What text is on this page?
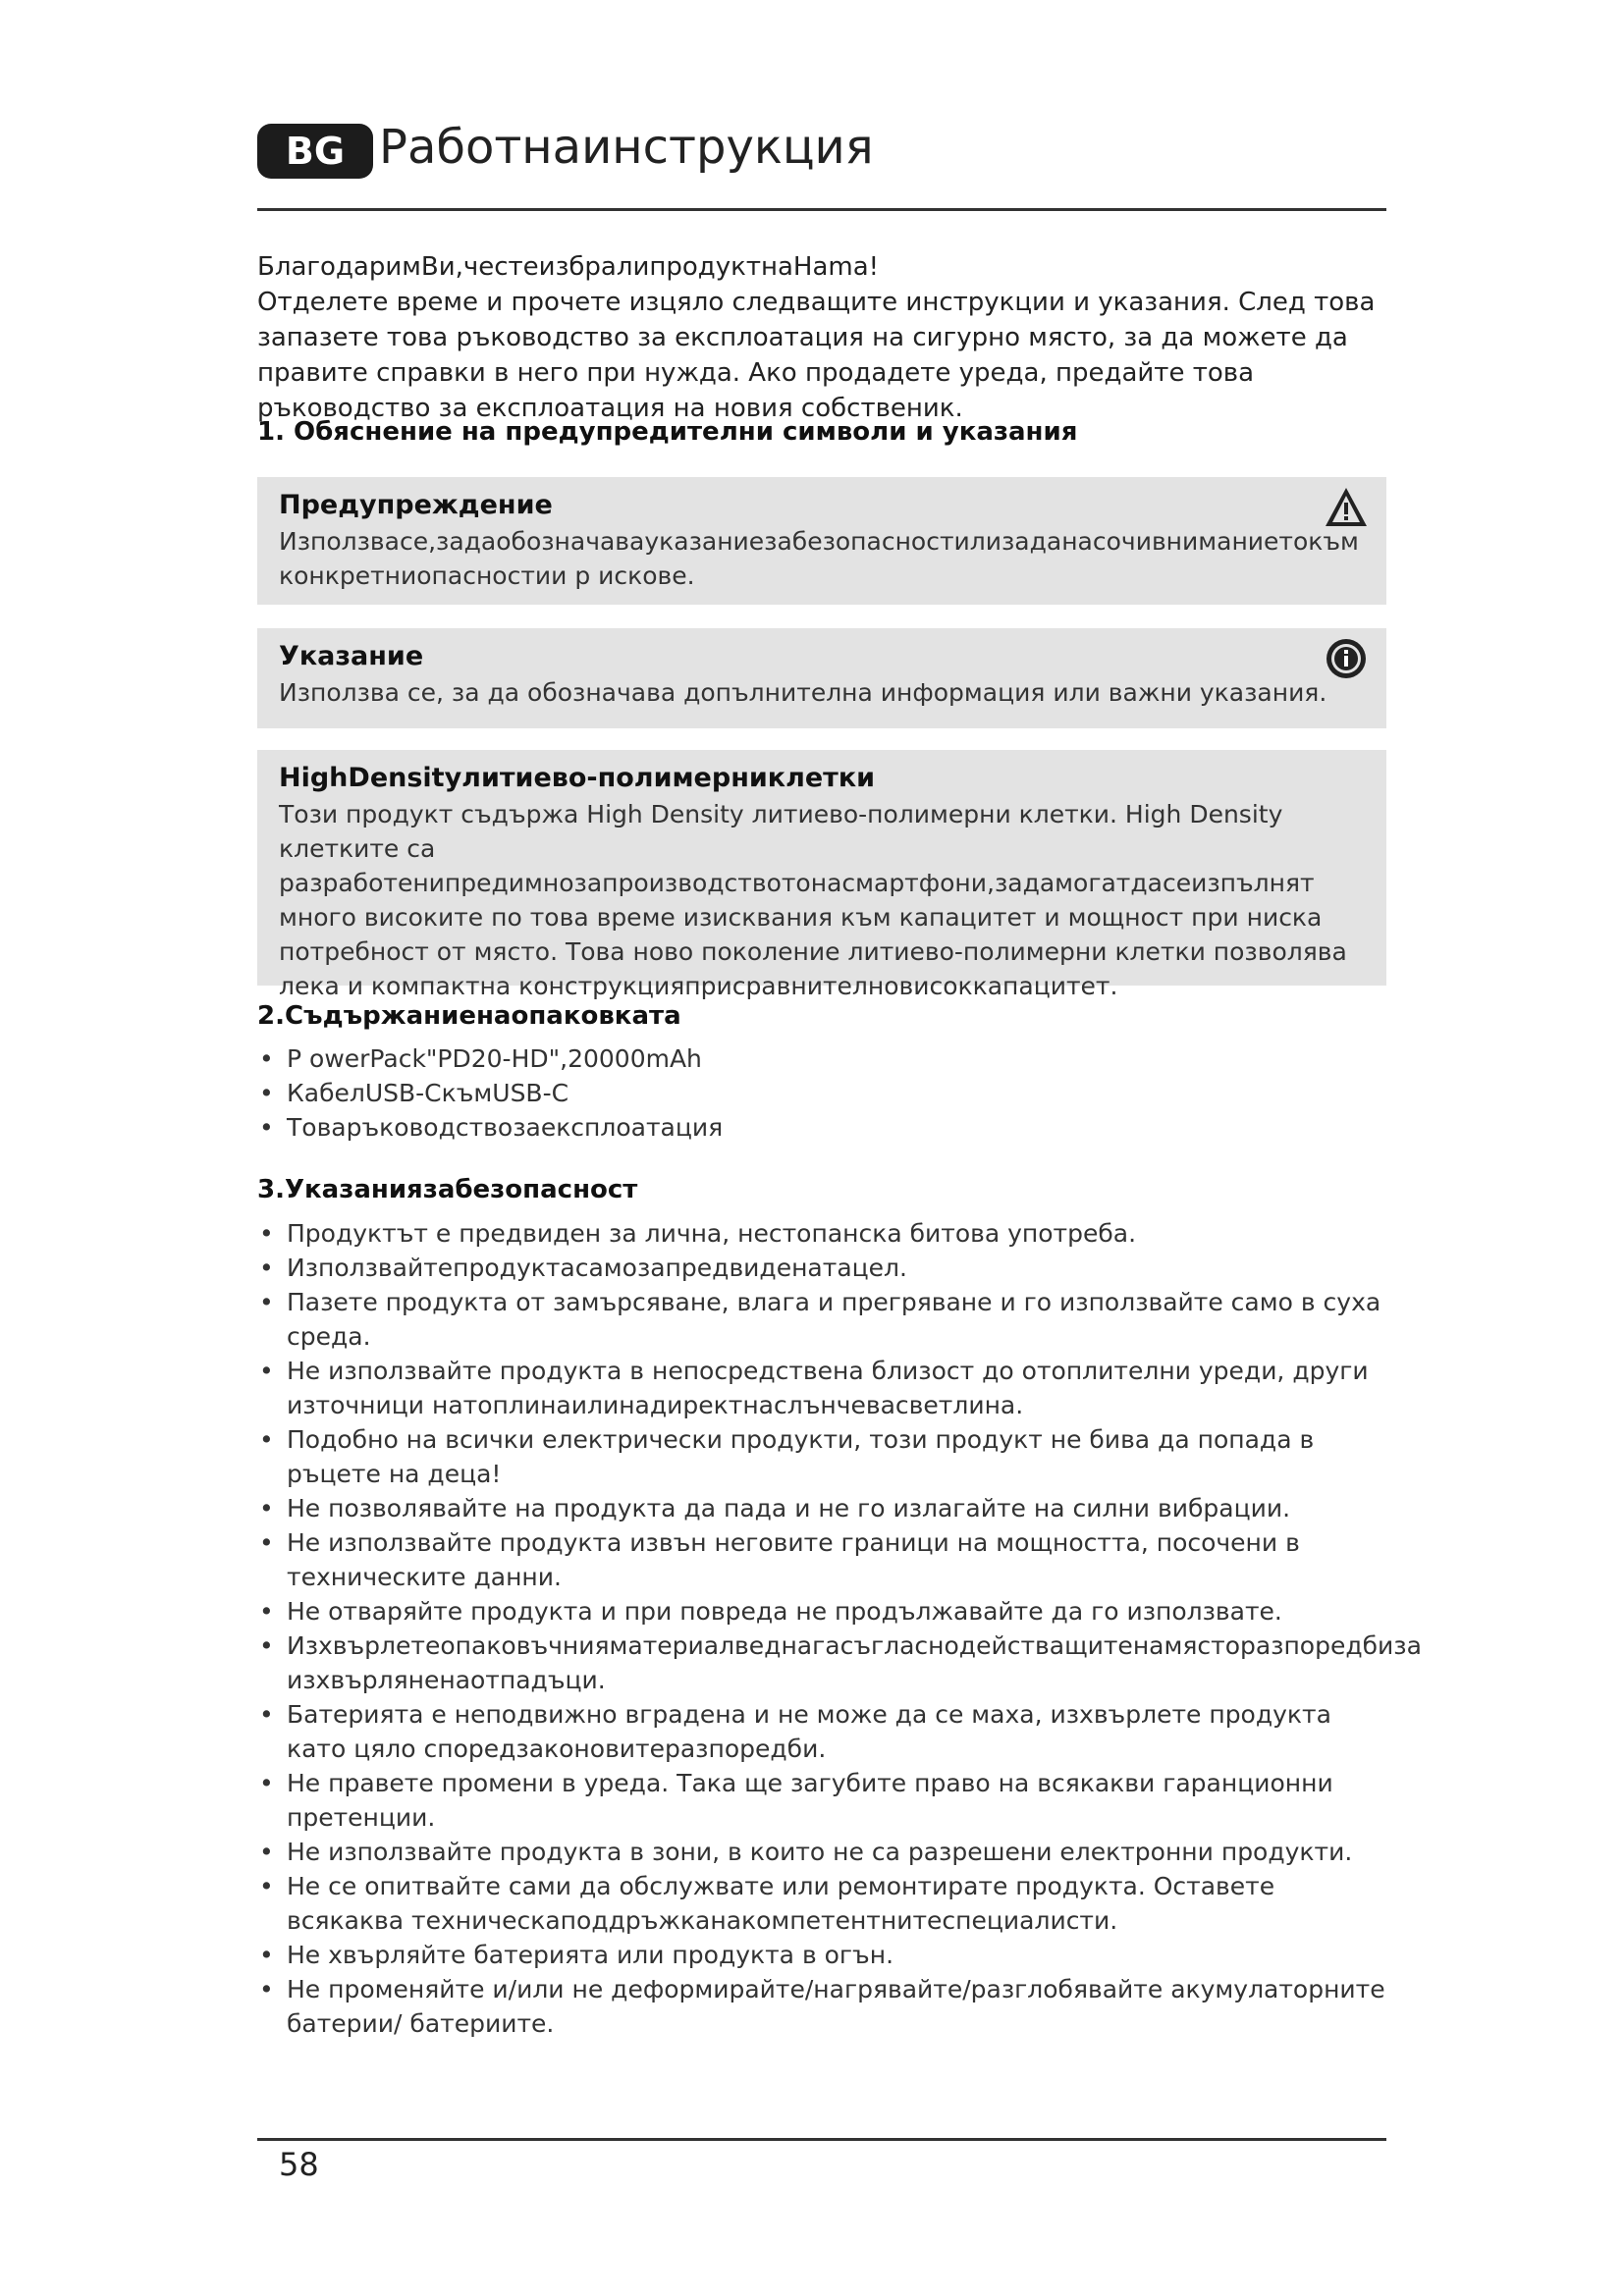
BG Работнаинструкция

БлагодаримВи,честеизбралипродуктнаHama!

Отделете време и прочете изцяло следващите инструкции и указания. След това запазете това ръководство за експлоатация на сигурно място, за да можете да правите справки в него при нужда. Ако продадете уреда, предайте това ръководство за експлоатация на новия собственик.

1. Обяснение на предупредителни символи и указания
Предупреждение

Използвасе,задаобозначавауказаниезабезопасностилизаданасочивниманиетокъм конкретниопасностии р искове.

Указание

Използва се, за да обозначава допълнителна информация или важни указания.

HighDensityлитиево-полимерниклетки

Този продукт съдържа High Density литиево-полимерни клетки. High Density клетките са разработенипредимнозапроизводствотонасмартфони,задамогатдасеизпълнят много високите по това време изисквания към капацитет и мощност при ниска потребност от място. Това ново поколение литиево-полимерни клетки позволява лека и компактна конструкцияприсравнителновисоккапацитет.

2.Съдържаниенаопаковката
• P owerPack"PD20-HD",20000mAh
• КабелUSB-СкъмUSB-C
• Товаръководствозаексплоатация
3.Указаниязабезопасност
• Продуктът е предвиден за лична, нестопанска битова употреба.
• Използвайтепродуктасамозапредвиденатацел.
• Пазете продукта от замърсяване, влага и прегряване и го използвайте само в суха среда.
• Не използвайте продукта в непосредствена близост до отоплителни уреди, други източници натоплинаилинадиректнаслънчевасветлина.
• Подобно на всички електрически продукти, този продукт не бива да попада в ръцете на деца!
• Не позволявайте на продукта да пада и не го излагайте на силни вибрации.
• Не използвайте продукта извън неговите граници на мощността, посочени в техническите данни.
• Не отваряйте продукта и при повреда не продължавайте да го използвате.
• Изхвърлетеопаковъчнияматериалведнагасъгласнодействащитенамясторазпоредбиза изхвърляненаотпадъци.
• Батерията е неподвижно вградена и не може да се маха, изхвърлете продукта като цяло споредзаконовитеразпоредби.
• Не правете промени в уреда. Така ще загубите право на всякакви гаранционни претенции.
• Не използвайте продукта в зони, в които не са разрешени електронни продукти.
• Не се опитвайте сами да обслужвате или ремонтирате продукта. Оставете всякаква техническаподдръжканакомпетентнитеспециалисти.
• Не хвърляйте батерията или продукта в огън.
• Не променяйте и/или не деформирайте/нагрявайте/разглобявайте акумулаторните батерии/ батериите.
58
